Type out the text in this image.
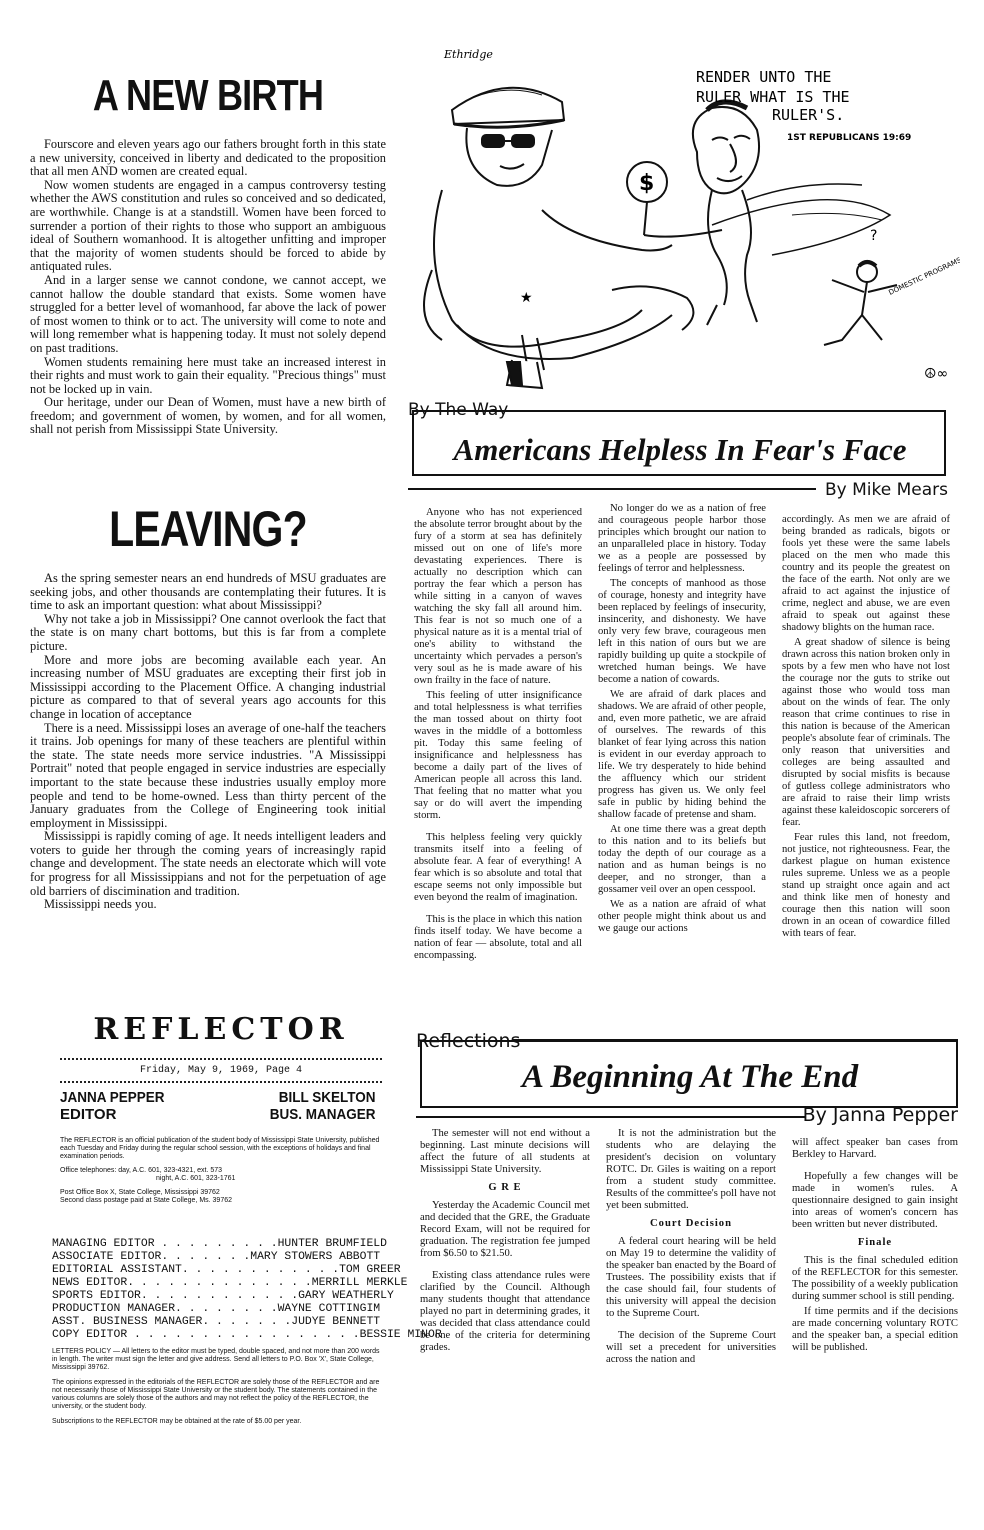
A NEW BIRTH

Fourscore and eleven years ago our fathers brought forth in this state a new university, conceived in liberty and dedicated to the proposition that all men AND women are created equal.

Now women students are engaged in a campus controversy testing whether the AWS constitution and rules so conceived and so dedicated, are worthwhile. Change is at a standstill. Women have been forced to surrender a portion of their rights to those who support an ambiguous ideal of Southern womanhood. It is altogether unfitting and improper that the majority of women students should be forced to abide by antiquated rules.

And in a larger sense we cannot condone, we cannot accept, we cannot hallow the double standard that exists. Some women have struggled for a better level of womanhood, far above the lack of power of most women to think or to act. The university will come to note and will long remember what is happening today. It must not solely depend on past traditions.

Women students remaining here must take an increased interest in their rights and must work to gain their equality. "Precious things" must not be locked up in vain.

Our heritage, under our Dean of Women, must have a new birth of freedom; and government of women, by women, and for all women, shall not perish from Mississippi State University.

LEAVING?

As the spring semester nears an end hundreds of MSU graduates are seeking jobs, and other thousands are contemplating their futures. It is time to ask an important question: what about Mississippi?

Why not take a job in Mississippi? One cannot overlook the fact that the state is on many chart bottoms, but this is far from a complete picture.

More and more jobs are becoming available each year. An increasing number of MSU graduates are excepting their first job in Mississippi according to the Placement Office. A changing industrial picture as compared to that of several years ago accounts for this change in location of acceptance

There is a need. Mississippi loses an average of one-half the teachers it trains. Job openings for many of these teachers are plentiful within the state. The state needs more service industries. "A Mississippi Portrait" noted that people engaged in service industries are especially important to the state because these industries usually employ more people and tend to be home-owned. Less than thirty percent of the January graduates from the College of Engineering took initial employment in Mississippi.

Mississippi is rapidly coming of age. It needs intelligent leaders and voters to guide her through the coming years of increasingly rapid change and development. The state needs an electorate which will vote for progress for all Mississippians and not for the perpetuation of age old barriers of discimination and tradition.

Mississippi needs you.

Ethridge
RENDER UNTO THE
RULER WHAT IS THE
RULER'S.
1ST REPUBLICANS 19:69
$
★
?
DOMESTIC PROGRAMS
☮∞
By The Way
Americans Helpless In Fear's Face
By Mike Mears

Anyone who has not experienced the absolute terror brought about by the fury of a storm at sea has definitely missed out on one of life's more devastating experiences. There is actually no description which can portray the fear which a person has while sitting in a canyon of waves watching the sky fall all around him. This fear is not so much one of a physical nature as it is a mental trial of one's ability to withstand the uncertainty which pervades a person's very soul as he is made aware of his own frailty in the face of nature.

This feeling of utter insignificance and total helplessness is what terrifies the man tossed about on thirty foot waves in the middle of a bottomless pit. Today this same feeling of insignificance and helplessness has become a daily part of the lives of American people all across this land. That feeling that no matter what you say or do will avert the impending storm.

This helpless feeling very quickly transmits itself into a feeling of absolute fear. A fear of everything! A fear which is so absolute and total that escape seems not only impossible but even beyond the realm of imagination.

This is the place in which this nation finds itself today. We have become a nation of fear — absolute, total and all encompassing.

No longer do we as a nation of free and courageous people harbor those principles which brought our nation to an unparalleled place in history. Today we as a people are possessed by feelings of terror and helplessness.

The concepts of manhood as those of courage, honesty and integrity have been replaced by feelings of insecurity, insincerity, and dishonesty. We have only very few brave, courageous men left in this nation of ours but we are rapidly building up quite a stockpile of wretched human beings. We have become a nation of cowards.

We are afraid of dark places and shadows. We are afraid of other people, and, even more pathetic, we are afraid of ourselves. The rewards of this blanket of fear lying across this nation is evident in our everday approach to life. We try desperately to hide behind the affluency which our strident progress has given us. We only feel safe in public by hiding behind the shallow facade of pretense and sham.

At one time there was a great depth to this nation and to its beliefs but today the depth of our courage as a nation and as human beings is no deeper, and no stronger, than a gossamer veil over an open cesspool.

We as a nation are afraid of what other people might think about us and we gauge our actions

accordingly. As men we are afraid of being branded as radicals, bigots or fools yet these were the same labels placed on the men who made this country and its people the greatest on the face of the earth. Not only are we afraid to act against the injustice of crime, neglect and abuse, we are even afraid to speak out against these shadowy blights on the human race.

A great shadow of silence is being drawn across this nation broken only in spots by a few men who have not lost the courage nor the guts to strike out against those who would toss man about on the winds of fear. The only reason that crime continues to rise in this nation is because of the American people's absolute fear of criminals. The only reason that universities and colleges are being assaulted and disrupted by social misfits is because of gutless college administrators who are afraid to raise their limp wrists against these kaleidoscopic sorcerers of fear.

Fear rules this land, not freedom, not justice, not righteousness. Fear, the darkest plague on human existence rules supreme. Unless we as a people stand up straight once again and act and think like men of honesty and courage then this nation will soon drown in an ocean of cowardice filled with tears of fear.

REFLECTOR
Friday, May 9, 1969, Page 4
JANNA PEPPER
EDITOR
BILL SKELTON
BUS. MANAGER
The REFLECTOR is an official publication of the student body of Mississippi State University, published each Tuesday and Friday during the regular school session, with the exceptions of holidays and final examination periods.
Office telephones: day, A.C. 601, 323-4321, ext. 573
night, A.C. 601, 323-1761
Post Office Box X, State College, Mississippi 39762
Second class postage paid at State College, Ms. 39762
MANAGING EDITOR . . . . . . . . .HUNTER BRUMFIELD
ASSOCIATE EDITOR. . . . . . .MARY STOWERS ABBOTT
EDITORIAL ASSISTANT. . . . . . . . . . . .TOM GREER
NEWS EDITOR. . . . . . . . . . . . . .MERRILL MERKLE
SPORTS EDITOR. . . . . . . . . . . .GARY WEATHERLY
PRODUCTION MANAGER. . . . . . . .WAYNE COTTINGIM
ASST. BUSINESS MANAGER. . . . . . .JUDYE BENNETT
COPY EDITOR . . . . . . . . . . . . . . . . .BESSIE MINOR
LETTERS POLICY — All letters to the editor must be typed, double spaced, and not more than 200 words in length. The writer must sign the letter and give address. Send all letters to P.O. Box 'X', State College, Mississippi 39762.
The opinions expressed in the editorials of the REFLECTOR are solely those of the REFLECTOR and are not necessarily those of Mississippi State University or the student body. The statements contained in the various columns are solely those of the authors and may not reflect the policy of the REFLECTOR, the university, or the student body.
Subscriptions to the REFLECTOR may be obtained at the rate of $5.00 per year.
Reflections
A Beginning At The End
By Janna Pepper

The semester will not end without a beginning. Last minute decisions will affect the future of all students at Mississippi State University.

G R E

Yesterday the Academic Council met and decided that the GRE, the Graduate Record Exam, will not be required for graduation. The registration fee jumped from $6.50 to $21.50.

Existing class attendance rules were clarified by the Council. Although many students thought that attendance played no part in determining grades, it was decided that class attendance could be one of the criteria for determining grades.

It is not the administration but the students who are delaying the president's decision on voluntary ROTC. Dr. Giles is waiting on a report from a student study committee. Results of the committee's poll have not yet been submitted.

Court Decision

A federal court hearing will be held on May 19 to determine the validity of the speaker ban enacted by the Board of Trustees. The possibility exists that if the case should fail, four students of this university will appeal the decision to the Supreme Court.

The decision of the Supreme Court will set a precedent for universities across the nation and

will affect speaker ban cases from Berkley to Harvard.

Hopefully a few changes will be made in women's rules. A questionnaire designed to gain insight into areas of women's concern has been written but never distributed.

Finale

This is the final scheduled edition of the REFLECTOR for this semester. The possibility of a weekly publication during summer school is still pending.

If time permits and if the decisions are made concerning voluntary ROTC and the speaker ban, a special edition will be published.
